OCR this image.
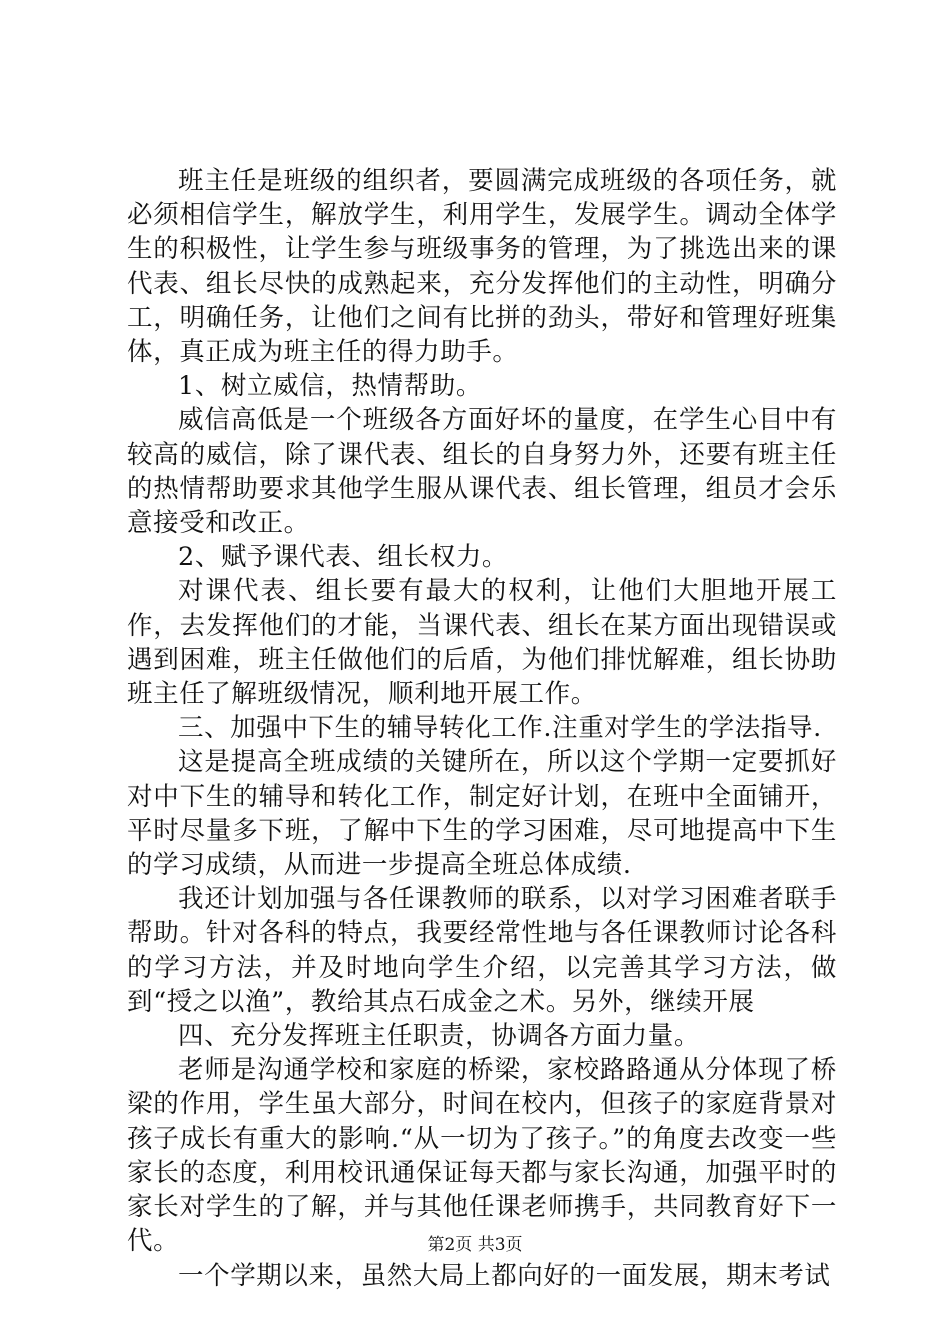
班主任是班级的组织者，要圆满完成班级的各项任务，就必须相信学生，解放学生，利用学生，发展学生。调动全体学生的积极性，让学生参与班级事务的管理，为了挑选出来的课代表、组长尽快的成熟起来，充分发挥他们的主动性，明确分工，明确任务，让他们之间有比拼的劲头，带好和管理好班集体，真正成为班主任的得力助手。

1、树立威信，热情帮助。

威信高低是一个班级各方面好坏的量度，在学生心目中有较高的威信，除了课代表、组长的自身努力外，还要有班主任的热情帮助要求其他学生服从课代表、组长管理，组员才会乐意接受和改正。

2、赋予课代表、组长权力。

对课代表、组长要有最大的权利，让他们大胆地开展工作，去发挥他们的才能，当课代表、组长在某方面出现错误或遇到困难，班主任做他们的后盾，为他们排忧解难，组长协助班主任了解班级情况，顺利地开展工作。

三、加强中下生的辅导转化工作.注重对学生的学法指导.

这是提高全班成绩的关键所在，所以这个学期一定要抓好对中下生的辅导和转化工作，制定好计划，在班中全面铺开，平时尽量多下班，了解中下生的学习困难，尽可地提高中下生的学习成绩，从而进一步提高全班总体成绩.

我还计划加强与各任课教师的联系，以对学习困难者联手帮助。针对各科的特点，我要经常性地与各任课教师讨论各科的学习方法，并及时地向学生介绍，以完善其学习方法，做到“授之以渔”，教给其点石成金之术。另外，继续开展

四、充分发挥班主任职责，协调各方面力量。

老师是沟通学校和家庭的桥梁，家校路路通从分体现了桥梁的作用，学生虽大部分，时间在校内，但孩子的家庭背景对孩子成长有重大的影响.“从一切为了孩子。”的角度去改变一些家长的态度，利用校讯通保证每天都与家长沟通，加强平时的家长对学生的了解，并与其他任课老师携手，共同教育好下一代。

一个学期以来，虽然大局上都向好的一面发展，期末考试

第2页 共3页
